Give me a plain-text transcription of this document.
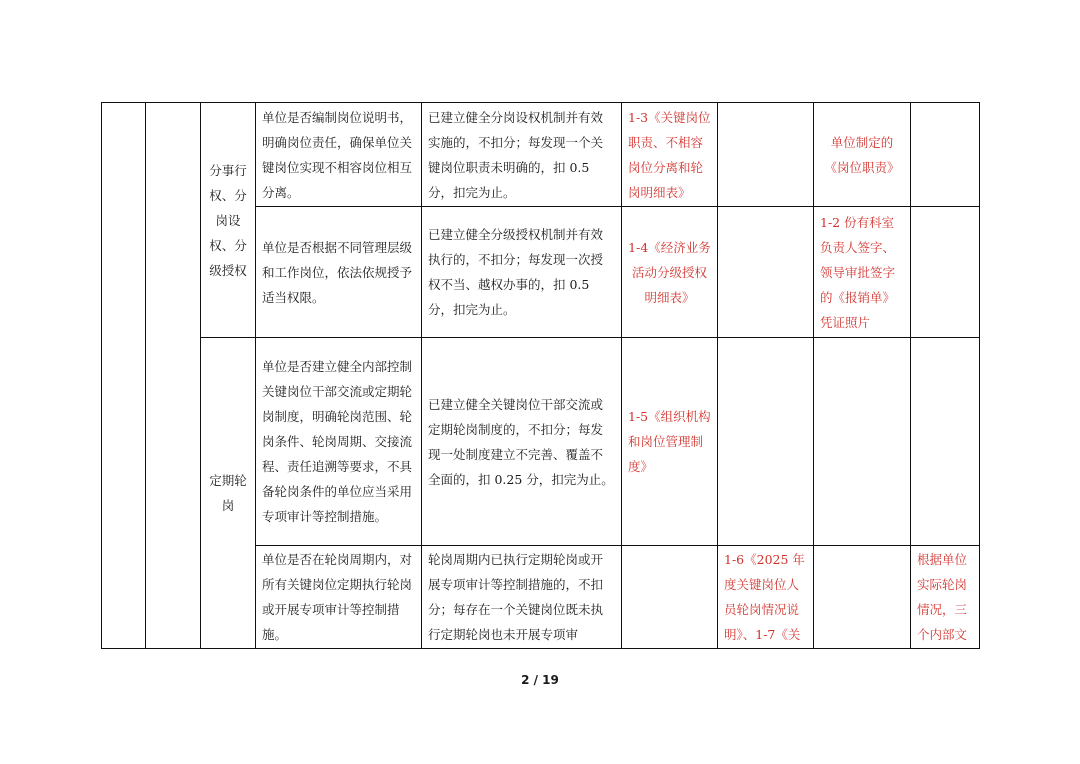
		分事行权、分岗设权、分级授权	单位是否编制岗位说明书，明确岗位责任，确保单位关键岗位实现不相容岗位相互分离。	已建立健全分岗设权机制并有效实施的，不扣分；每发现一个关键岗位职责未明确的，扣 0.5 分，扣完为止。	1-3《关键岗位职责、不相容岗位分离和轮岗明细表》		单位制定的《岗位职责》	
			单位是否根据不同管理层级和工作岗位，依法依规授予适当权限。	已建立健全分级授权机制并有效执行的，不扣分；每发现一次授权不当、越权办事的，扣 0.5 分，扣完为止。	1-4《经济业务活动分级授权明细表》		1-2 份有科室负责人签字、领导审批签字的《报销单》凭证照片	
		定期轮岗	单位是否建立健全内部控制关键岗位干部交流或定期轮岗制度，明确轮岗范围、轮岗条件、轮岗周期、交接流程、责任追溯等要求，不具备轮岗条件的单位应当采用专项审计等控制措施。	已建立健全关键岗位干部交流或定期轮岗制度的，不扣分；每发现一处制度建立不完善、覆盖不全面的，扣 0.25 分，扣完为止。	1-5《组织机构和岗位管理制度》			
			单位是否在轮岗周期内，对所有关键岗位定期执行轮岗或开展专项审计等控制措施。	轮岗周期内已执行定期轮岗或开展专项审计等控制措施的，不扣分；每存在一个关键岗位既未执行定期轮岗也未开展专项审		1-6《2025 年度关键岗位人员轮岗情况说明》、1-7《关		根据单位实际轮岗情况，三个内部文
2 / 19
